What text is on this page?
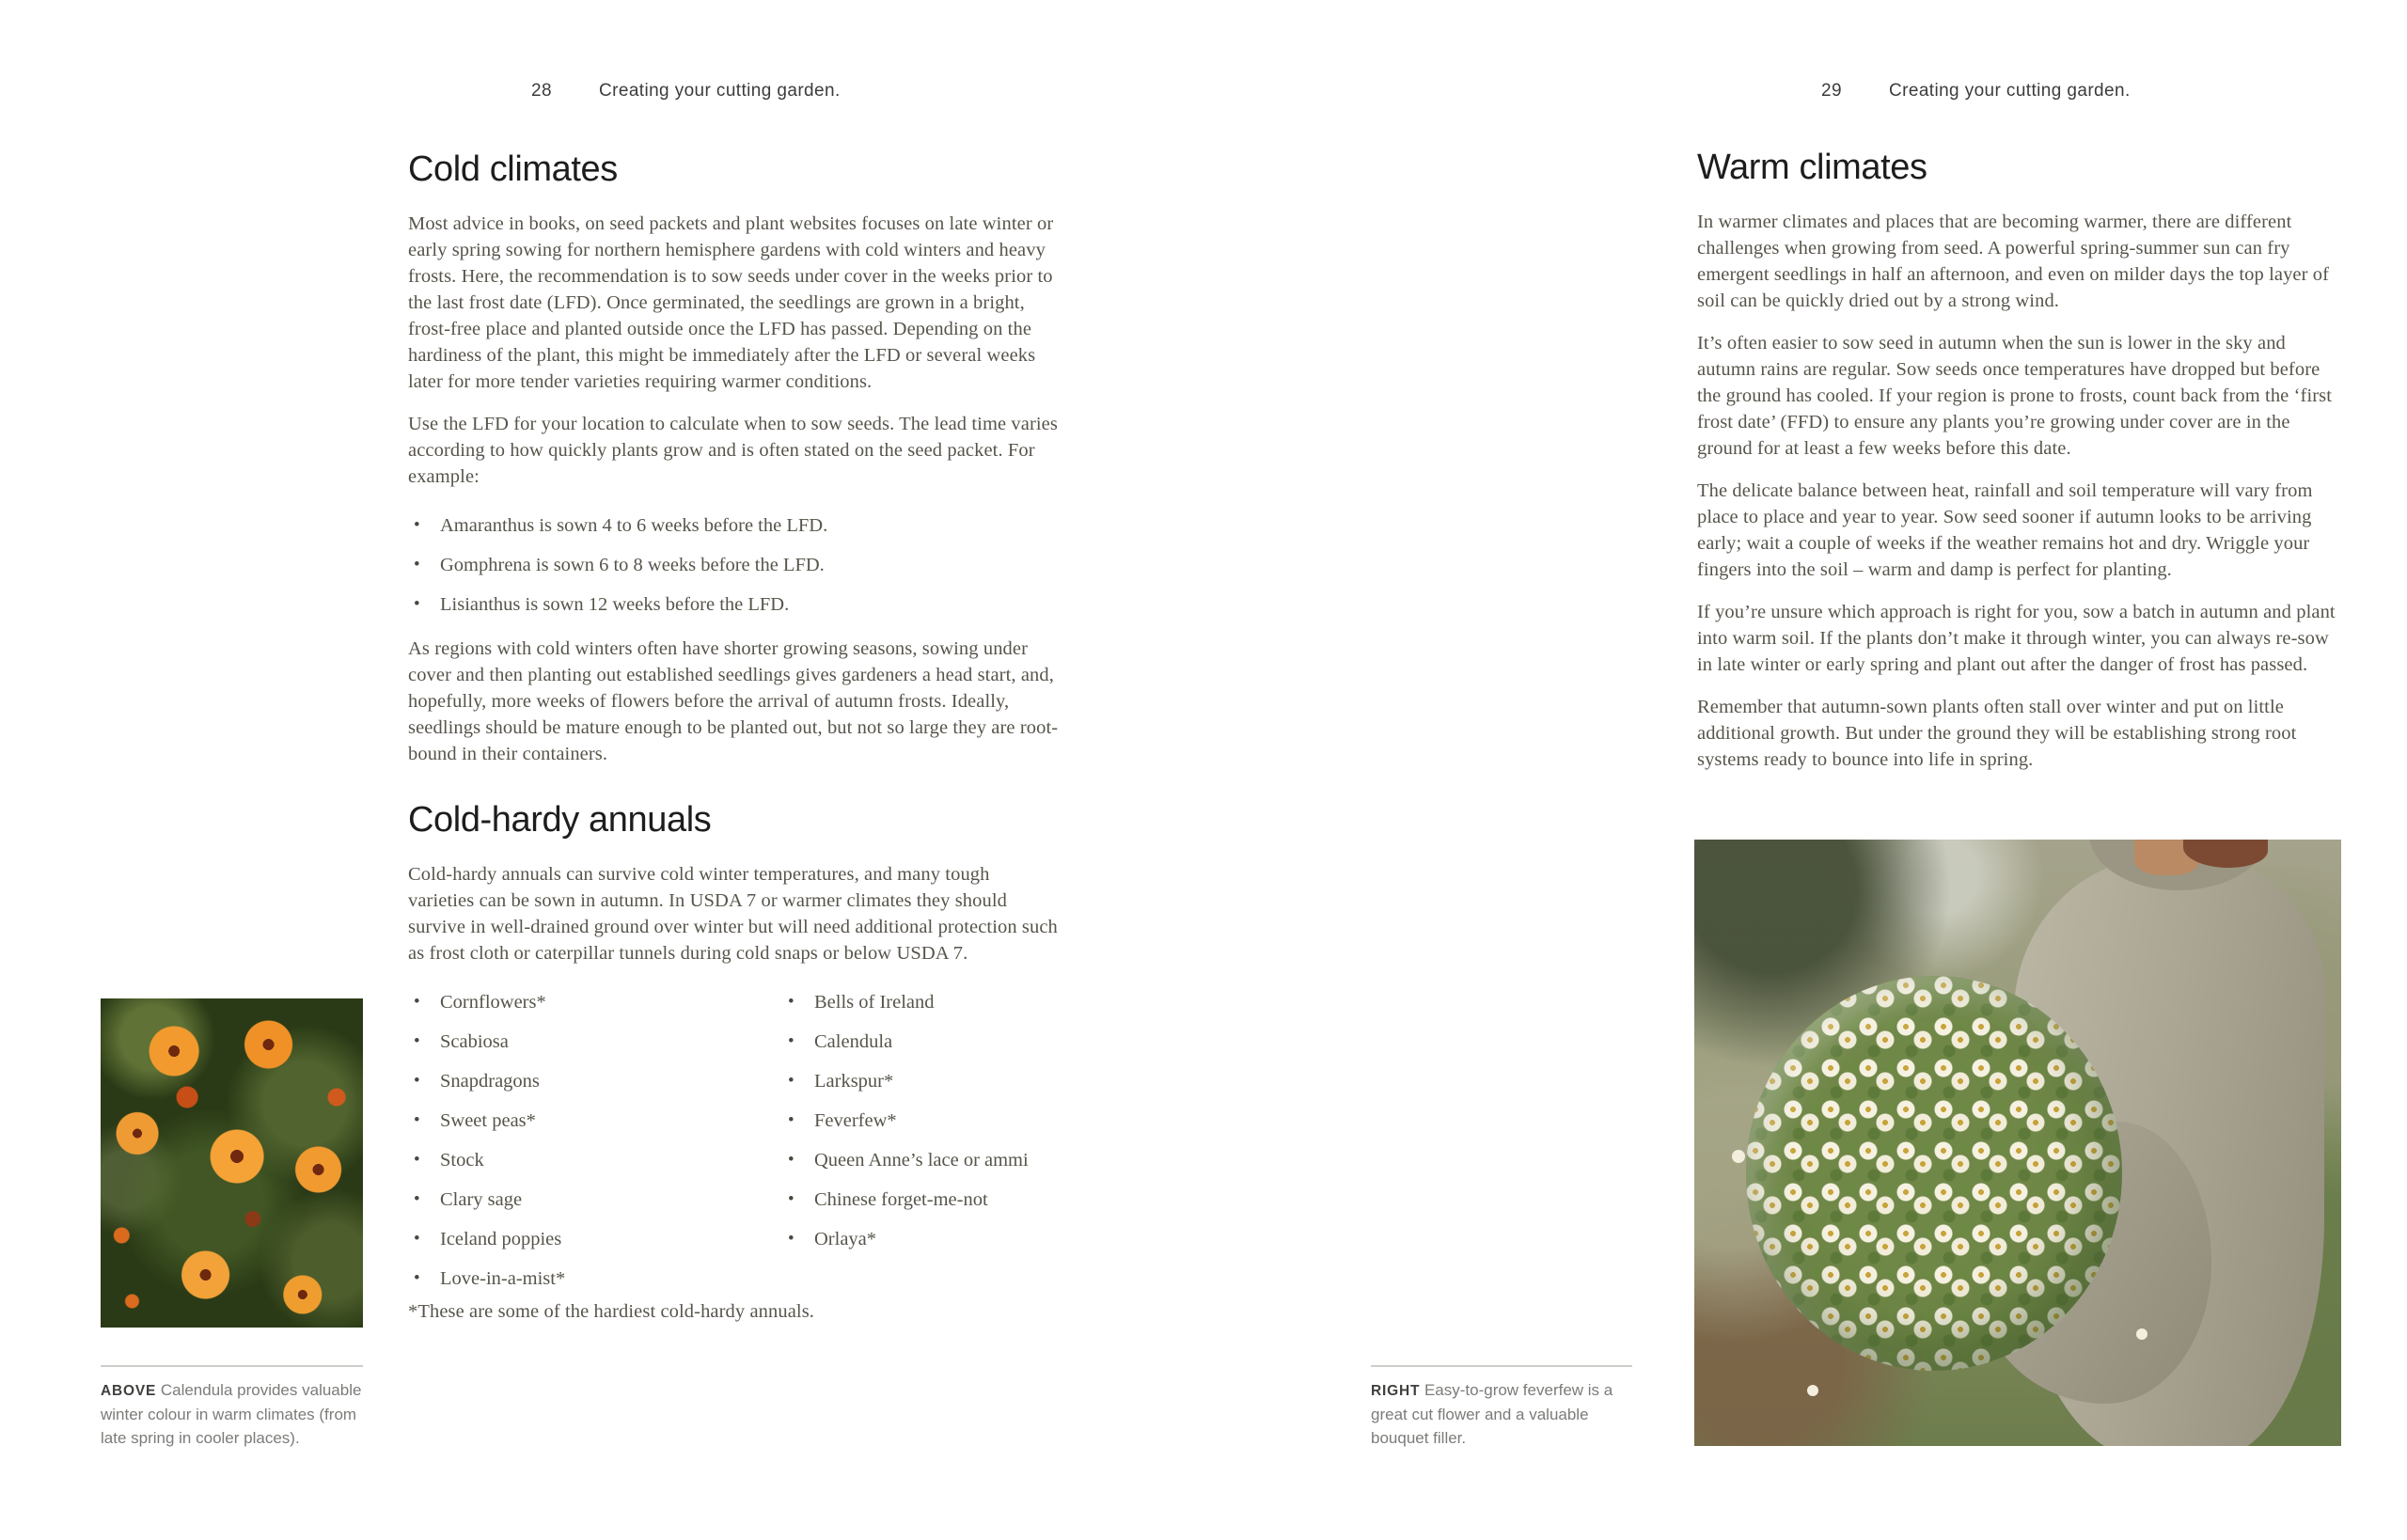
28	Creating your cutting garden.	29	Creating your cutting garden.
Cold climates

Most advice in books, on seed packets and plant websites focuses on late winter or early spring sowing for northern hemisphere gardens with cold winters and heavy frosts. Here, the recommendation is to sow seeds under cover in the weeks prior to the last frost date (LFD). Once germinated, the seedlings are grown in a bright, frost-free place and planted outside once the LFD has passed. Depending on the hardiness of the plant, this might be immediately after the LFD or several weeks later for more tender varieties requiring warmer conditions.

Use the LFD for your location to calculate when to sow seeds. The lead time varies according to how quickly plants grow and is often stated on the seed packet. For example:

• Amaranthus is sown 4 to 6 weeks before the LFD.
• Gomphrena is sown 6 to 8 weeks before the LFD.
• Lisianthus is sown 12 weeks before the LFD.

As regions with cold winters often have shorter growing seasons, sowing under cover and then planting out established seedlings gives gardeners a head start, and, hopefully, more weeks of flowers before the arrival of autumn frosts. Ideally, seedlings should be mature enough to be planted out, but not so large they are root-bound in their containers.

Cold-hardy annuals

Cold-hardy annuals can survive cold winter temperatures, and many tough varieties can be sown in autumn. In USDA 7 or warmer climates they should survive in well-drained ground over winter but will need additional protection such as frost cloth or caterpillar tunnels during cold snaps or below USDA 7.

• Cornflowers*
• Scabiosa
• Snapdragons
• Sweet peas*
• Stock
• Clary sage
• Iceland poppies
• Love-in-a-mist*
• Bells of Ireland
• Calendula
• Larkspur*
• Feverfew*
• Queen Anne’s lace or ammi
• Chinese forget-me-not
• Orlaya*

*These are some of the hardiest cold-hardy annuals.

Warm climates

In warmer climates and places that are becoming warmer, there are different challenges when growing from seed. A powerful spring-summer sun can fry emergent seedlings in half an afternoon, and even on milder days the top layer of soil can be quickly dried out by a strong wind.

It’s often easier to sow seed in autumn when the sun is lower in the sky and autumn rains are regular. Sow seeds once temperatures have dropped but before the ground has cooled. If your region is prone to frosts, count back from the ‘first frost date’ (FFD) to ensure any plants you’re growing under cover are in the ground for at least a few weeks before this date.

The delicate balance between heat, rainfall and soil temperature will vary from place to place and year to year. Sow seed sooner if autumn looks to be arriving early; wait a couple of weeks if the weather remains hot and dry. Wriggle your fingers into the soil – warm and damp is perfect for planting.

If you’re unsure which approach is right for you, sow a batch in autumn and plant into warm soil. If the plants don’t make it through winter, you can always re-sow in late winter or early spring and plant out after the danger of frost has passed.

Remember that autumn-sown plants often stall over winter and put on little additional growth. But under the ground they will be establishing strong root systems ready to bounce into life in spring.

ABOVE Calendula provides valuable winter colour in warm climates (from late spring in cooler places).
RIGHT Easy-to-grow feverfew is a great cut flower and a valuable bouquet filler.
